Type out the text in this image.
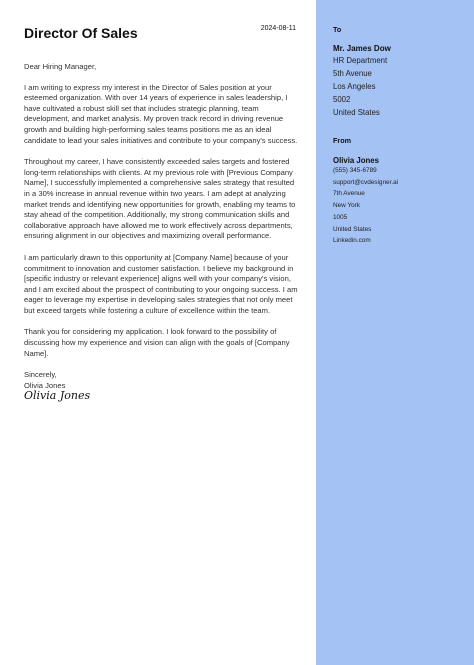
Director Of Sales	2024-08-11

Dear Hiring Manager,

I am writing to express my interest in the Director of Sales position at your esteemed organization. With over 14 years of experience in sales leadership, I have cultivated a robust skill set that includes strategic planning, team development, and market analysis. My proven track record in driving revenue growth and building high-performing sales teams positions me as an ideal candidate to lead your sales initiatives and contribute to your company's success.

Throughout my career, I have consistently exceeded sales targets and fostered long-term relationships with clients. At my previous role with [Previous Company Name], I successfully implemented a comprehensive sales strategy that resulted in a 30% increase in annual revenue within two years. I am adept at analyzing market trends and identifying new opportunities for growth, enabling my teams to stay ahead of the competition. Additionally, my strong communication skills and collaborative approach have allowed me to work effectively across departments, ensuring alignment in our objectives and maximizing overall performance.

I am particularly drawn to this opportunity at [Company Name] because of your commitment to innovation and customer satisfaction. I believe my background in [specific industry or relevant experience] aligns well with your company's vision, and I am excited about the prospect of contributing to your ongoing success. I am eager to leverage my expertise in developing sales strategies that not only meet but exceed targets while fostering a culture of excellence within the team.

Thank you for considering my application. I look forward to the possibility of discussing how my experience and vision can align with the goals of [Company Name].

Sincerely,

Olivia Jones

Olivia Jones

To
Mr. James Dow
HR Department
5th Avenue
Los Angeles
5002
United States
From
Olivia Jones
(555) 345-6789
support@cvdesigner.ai
7th Avenue
New York
1005
United States
Linkedin.com
